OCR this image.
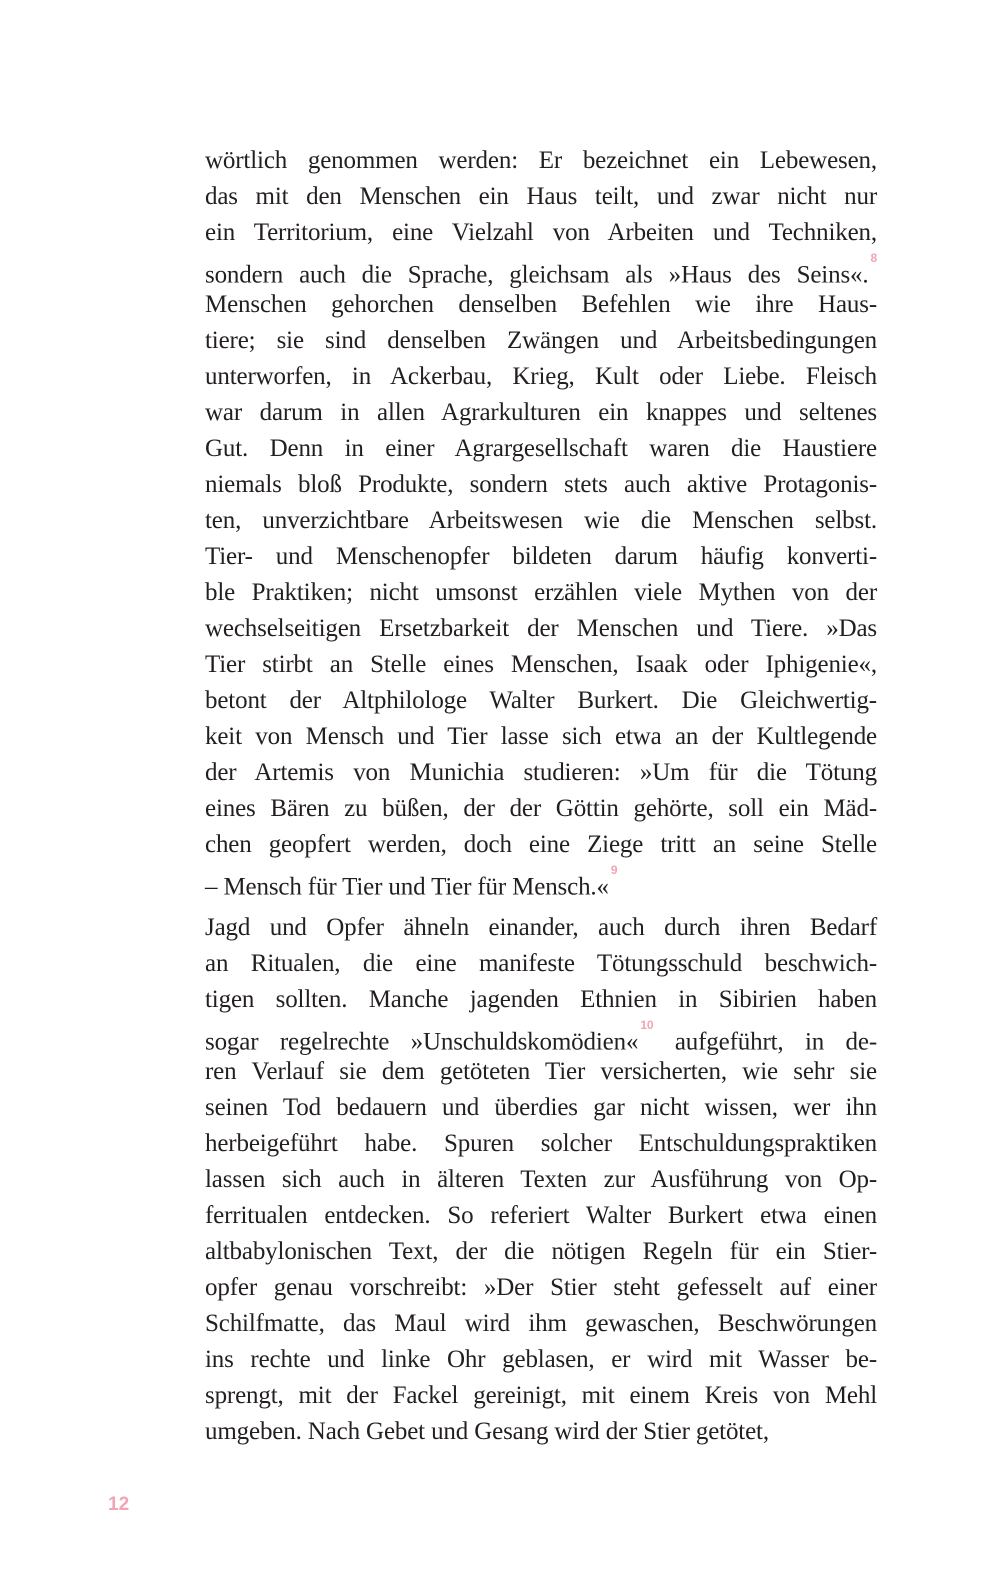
wörtlich genommen werden: Er bezeichnet ein Lebewesen,
das mit den Menschen ein Haus teilt, und zwar nicht nur
ein Territorium, eine Vielzahl von Arbeiten und Techniken,
sondern auch die Sprache, gleichsam als »Haus des Seins«.$^8$
Menschen gehorchen denselben Befehlen wie ihre Haus-
tiere; sie sind denselben Zwängen und Arbeitsbedingungen
unterworfen, in Ackerbau, Krieg, Kult oder Liebe. Fleisch
war darum in allen Agrarkulturen ein knappes und seltenes
Gut. Denn in einer Agrargesellschaft waren die Haustiere
niemals bloß Produkte, sondern stets auch aktive Protagonis-
ten, unverzichtbare Arbeitswesen wie die Menschen selbst.
Tier- und Menschenopfer bildeten darum häufig konverti-
ble Praktiken; nicht umsonst erzählen viele Mythen von der
wechselseitigen Ersetzbarkeit der Menschen und Tiere. »Das
Tier stirbt an Stelle eines Menschen, Isaak oder Iphigenie«,
betont der Altphilologe Walter Burkert. Die Gleichwertig-
keit von Mensch und Tier lasse sich etwa an der Kultlegende
der Artemis von Munichia studieren: »Um für die Tötung
eines Bären zu büßen, der der Göttin gehörte, soll ein Mäd-
chen geopfert werden, doch eine Ziege tritt an seine Stelle
– Mensch für Tier und Tier für Mensch.«$^9$
Jagd und Opfer ähneln einander, auch durch ihren Bedarf
an Ritualen, die eine manifeste Tötungsschuld beschwich-
tigen sollten. Manche jagenden Ethnien in Sibirien haben
sogar regelrechte »Unschuldskomödien«$^{10}$ aufgeführt, in de-
ren Verlauf sie dem getöteten Tier versicherten, wie sehr sie
seinen Tod bedauern und überdies gar nicht wissen, wer ihn
herbeigeführt habe. Spuren solcher Entschuldungspraktiken
lassen sich auch in älteren Texten zur Ausführung von Op-
ferritualen entdecken. So referiert Walter Burkert etwa einen
altbabylonischen Text, der die nötigen Regeln für ein Stier-
opfer genau vorschreibt: »Der Stier steht gefesselt auf einer
Schilfmatte, das Maul wird ihm gewaschen, Beschwörungen
ins rechte und linke Ohr geblasen, er wird mit Wasser be-
sprengt, mit der Fackel gereinigt, mit einem Kreis von Mehl
umgeben. Nach Gebet und Gesang wird der Stier getötet,
12
